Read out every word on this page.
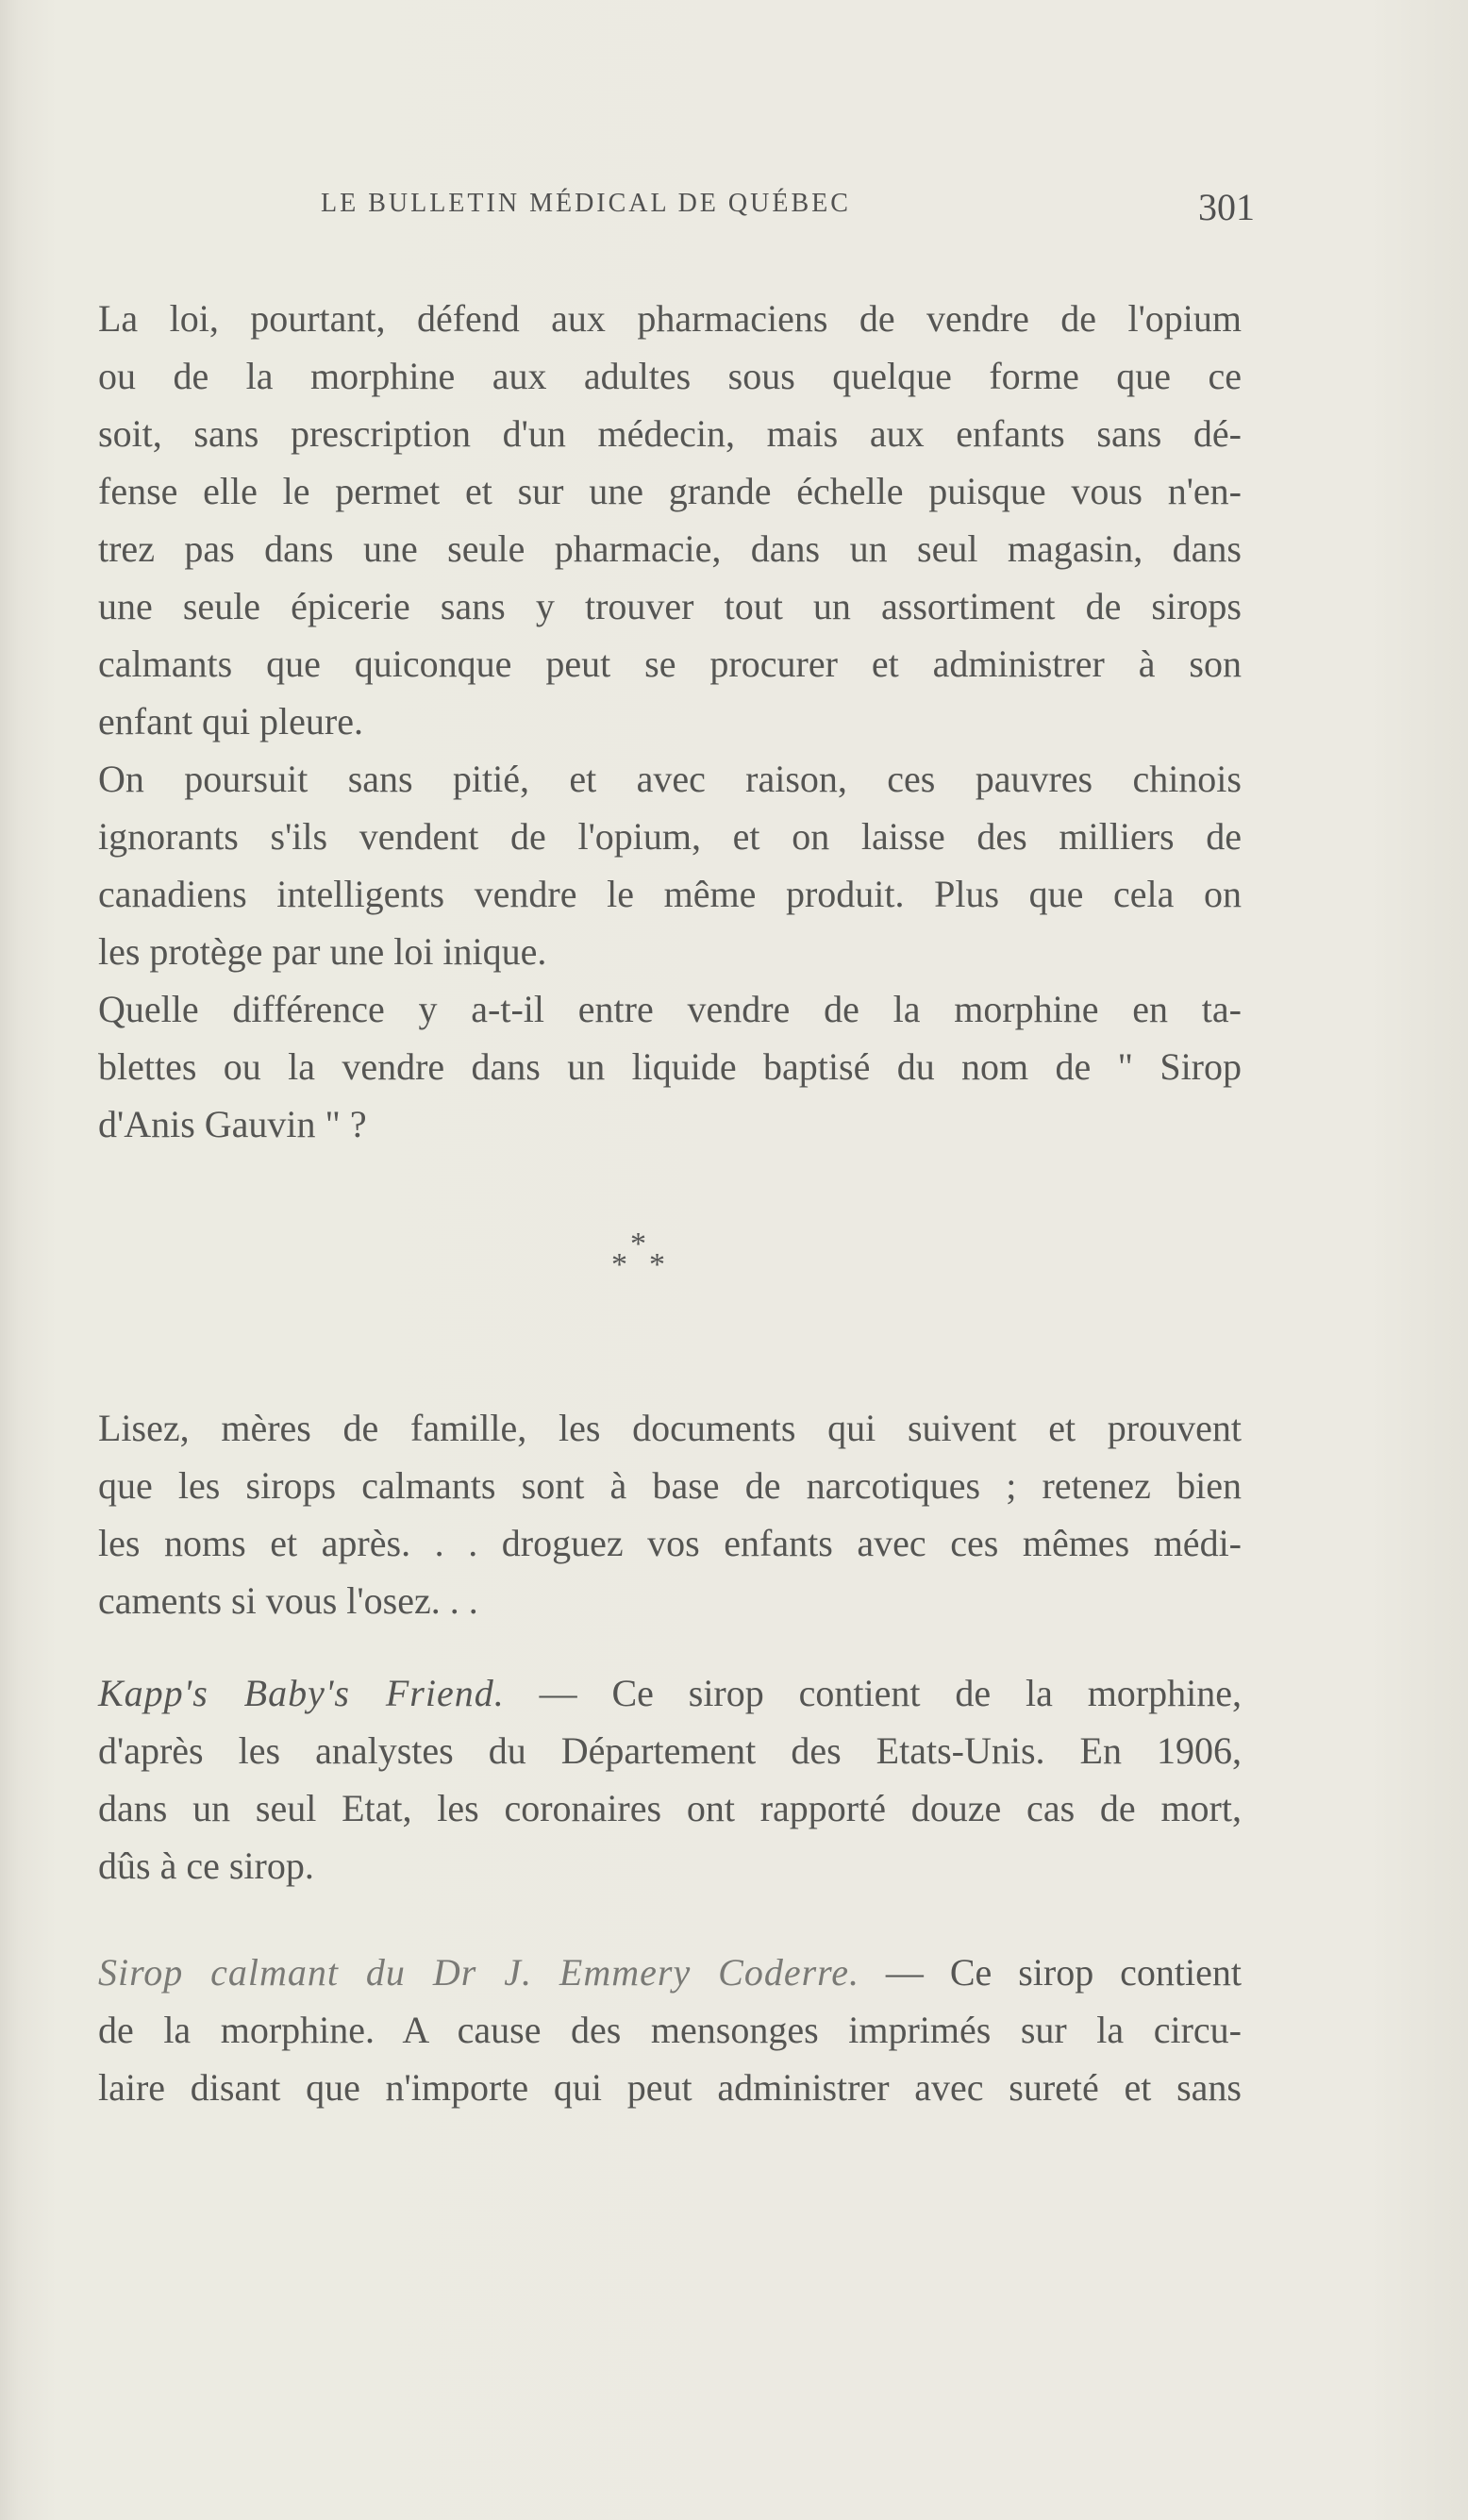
LE BULLETIN MÉDICAL DE QUÉBEC	301
La loi, pourtant, défend aux pharmaciens de vendre de l'opium
ou de la morphine aux adultes sous quelque forme que ce
soit, sans prescription d'un médecin, mais aux enfants sans dé-
fense elle le permet et sur une grande échelle puisque vous n'en-
trez pas dans une seule pharmacie, dans un seul magasin, dans
une seule épicerie sans y trouver tout un assortiment de sirops
calmants que quiconque peut se procurer et administrer à son
enfant qui pleure.
On poursuit sans pitié, et avec raison, ces pauvres chinois
ignorants s'ils vendent de l'opium, et on laisse des milliers de
canadiens intelligents vendre le même produit. Plus que cela on
les protège par une loi inique.
Quelle différence y a-t-il entre vendre de la morphine en ta-
blettes ou la vendre dans un liquide baptisé du nom de " Sirop
d'Anis Gauvin " ?
*
* *
Lisez, mères de famille, les documents qui suivent et prouvent
que les sirops calmants sont à base de narcotiques ; retenez bien
les noms et après. . . droguez vos enfants avec ces mêmes médi-
caments si vous l'osez. . .
Kapp's Baby's Friend. — Ce sirop contient de la morphine,
d'après les analystes du Département des Etats-Unis. En 1906,
dans un seul Etat, les coronaires ont rapporté douze cas de mort,
dûs à ce sirop.
Sirop calmant du Dr J. Emmery Coderre. — Ce sirop contient
de la morphine. A cause des mensonges imprimés sur la circu-
laire disant que n'importe qui peut administrer avec sureté et sans
